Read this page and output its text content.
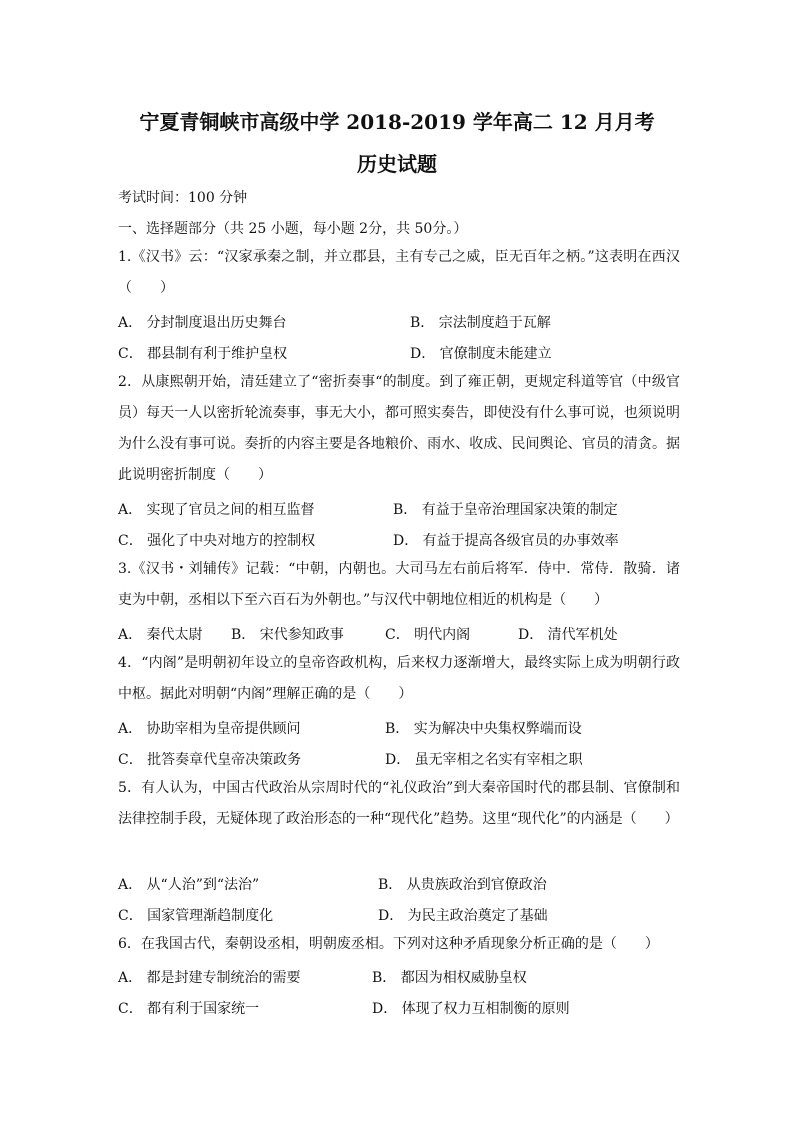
宁夏青铜峡市高级中学 2018-2019 学年高二 12 月月考
历史试题
考试时间：100 分钟
一、选择题部分（共 25 小题，每小题 2分，共 50分。）
1.《汉书》云：“汉家承秦之制，并立郡县，主有专己之威，臣无百年之柄。”这表明在西汉（　　）
A． 分封制度退出历史舞台	B． 宗法制度趋于瓦解
C． 郡县制有利于维护皇权	D． 官僚制度未能建立
2．从康熙朝开始，清廷建立了“密折奏事“的制度。到了雍正朝，更规定科道等官（中级官员）每天一人以密折轮流奏事，事无大小，都可照实奏告，即使没有什么事可说，也须说明为什么没有事可说。奏折的内容主要是各地粮价、雨水、收成、民间舆论、官员的清贪。据此说明密折制度（　　）
A． 实现了官员之间的相互监督	B． 有益于皇帝治理国家决策的制定
C． 强化了中央对地方的控制权	D． 有益于提高各级官员的办事效率
3.《汉书・刘辅传》记载：“中朝，内朝也。大司马左右前后将军．侍中．常侍．散骑．诸吏为中朝，丞相以下至六百石为外朝也。”与汉代中朝地位相近的机构是（　　）
A． 秦代太尉 B． 宋代参知政事	C． 明代内阁	D． 清代军机处
4．“内阁”是明朝初年设立的皇帝咨政机构，后来权力逐渐增大，最终实际上成为明朝行政中枢。据此对明朝“内阁”理解正确的是（　　）
A． 协助宰相为皇帝提供顾问	B． 实为解决中央集权弊端而设
C． 批答奏章代皇帝决策政务	D． 虽无宰相之名实有宰相之职
5．有人认为，中国古代政治从宗周时代的“礼仪政治”到大秦帝国时代的郡县制、官僚制和法律控制手段，无疑体现了政治形态的一种“现代化”趋势。这里“现代化”的内涵是（　　）
A． 从“人治”到“法治”	B． 从贵族政治到官僚政治
C． 国家管理渐趋制度化	D． 为民主政治奠定了基础
6．在我国古代，秦朝设丞相，明朝废丞相。下列对这种矛盾现象分析正确的是（　　）
A． 都是封建专制统治的需要	B． 都因为相权威胁皇权
C． 都有利于国家统一	D． 体现了权力互相制衡的原则
